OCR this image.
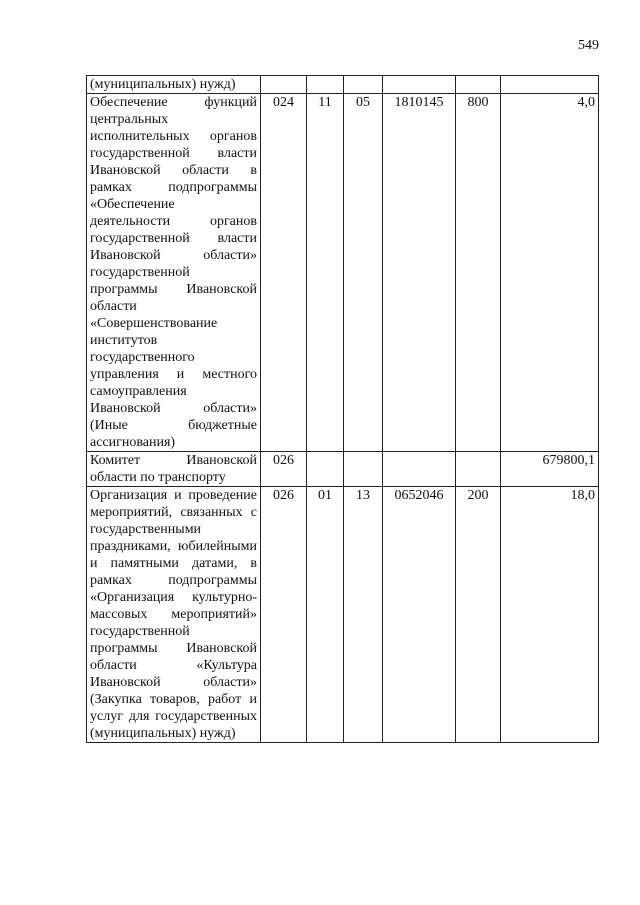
549
(муниципальных) нужд)						
Обеспечение функций центральных исполнительных органов государственной власти Ивановской области в рамках подпрограммы «Обеспечение деятельности органов государственной власти Ивановской области» государственной программы Ивановской области «Совершенствование институтов государственного управления и местного самоуправления Ивановской области» (Иные бюджетные ассигнования)	024	11	05	1810145	800	4,0
Комитет Ивановской области по транспорту	026					679800,1
Организация и проведение мероприятий, связанных с государственными праздниками, юбилейными и памятными датами, в рамках подпрограммы «Организация культурно-массовых мероприятий» государственной программы Ивановской области «Культура Ивановской области» (Закупка товаров, работ и услуг для государственных (муниципальных) нужд)	026	01	13	0652046	200	18,0
